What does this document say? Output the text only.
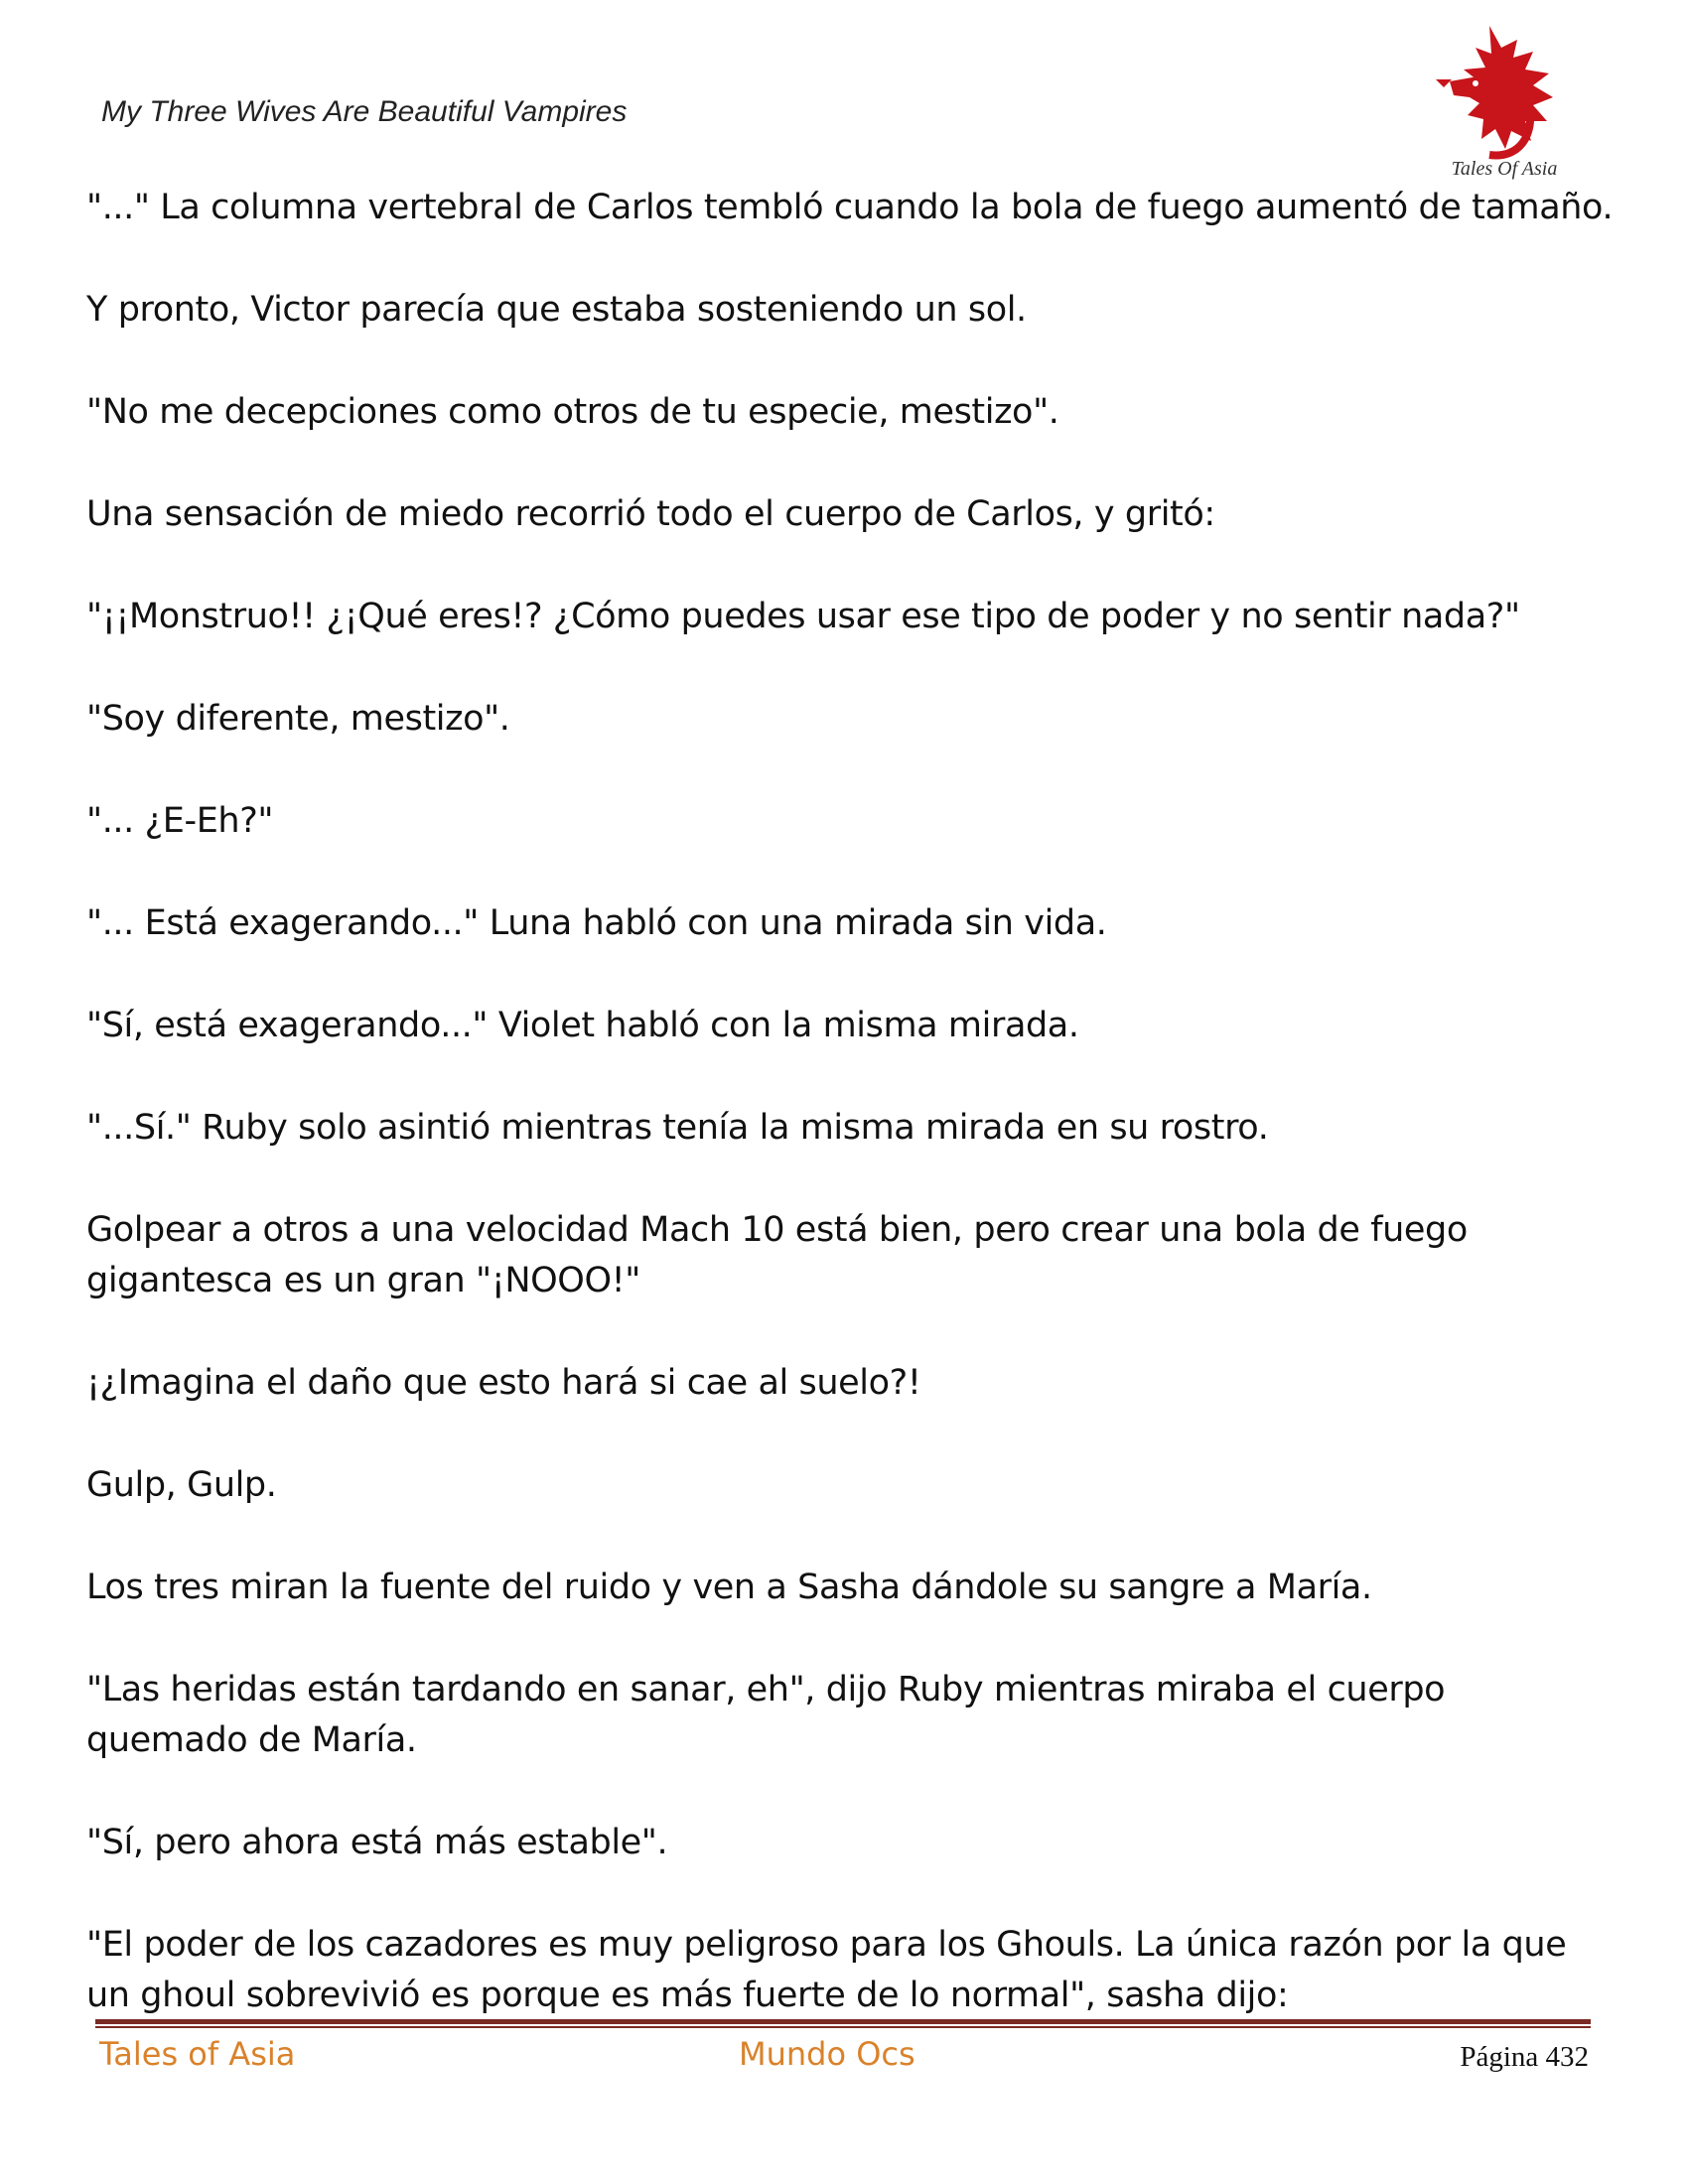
My Three Wives Are Beautiful Vampires
Tales Of Asia

"..." La columna vertebral de Carlos tembló cuando la bola de fuego aumentó de tamaño.

Y pronto, Victor parecía que estaba sosteniendo un sol.

"No me decepciones como otros de tu especie, mestizo".

Una sensación de miedo recorrió todo el cuerpo de Carlos, y gritó:

"¡¡Monstruo!! ¿¡Qué eres!? ¿Cómo puedes usar ese tipo de poder y no sentir nada?"

"Soy diferente, mestizo".

"... ¿E-Eh?"

"... Está exagerando..." Luna habló con una mirada sin vida.

"Sí, está exagerando..." Violet habló con la misma mirada.

"...Sí." Ruby solo asintió mientras tenía la misma mirada en su rostro.

Golpear a otros a una velocidad Mach 10 está bien, pero crear una bola de fuego gigantesca es un gran "¡NOOO!"

¡¿Imagina el daño que esto hará si cae al suelo?!

Gulp, Gulp.

Los tres miran la fuente del ruido y ven a Sasha dándole su sangre a María.

"Las heridas están tardando en sanar, eh", dijo Ruby mientras miraba el cuerpo quemado de María.

"Sí, pero ahora está más estable".

"El poder de los cazadores es muy peligroso para los Ghouls. La única razón por la que un ghoul sobrevivió es porque es más fuerte de lo normal", sasha dijo:

Tales of Asia	Mundo Ocs	Página 432
